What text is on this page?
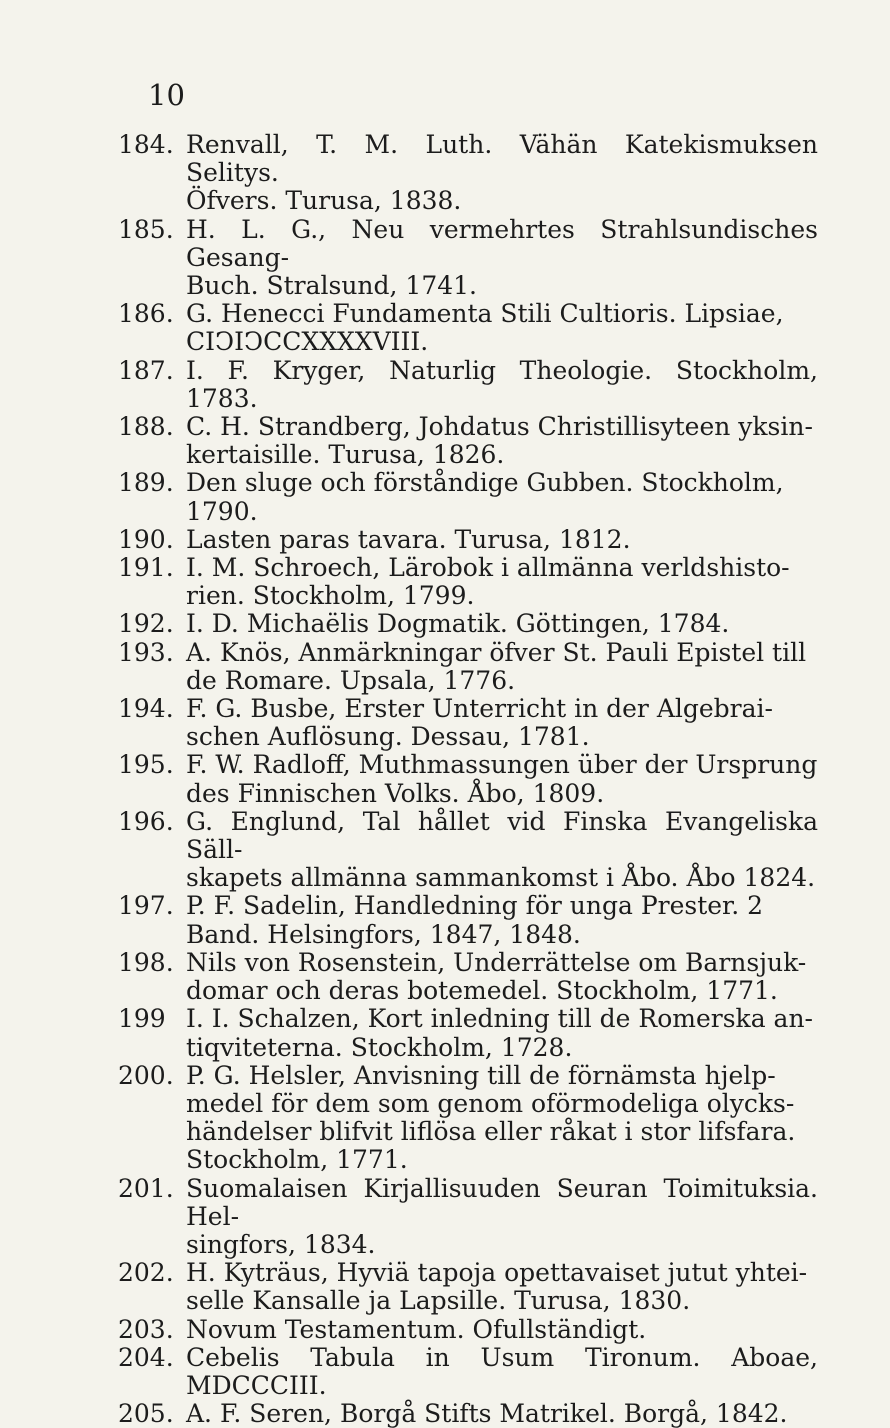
10
184. Renvall, T. M. Luth. Vähän Katekismuksen Selitys.
Öfvers. Turusa, 1838.
185. H. L. G., Neu vermehrtes Strahlsundisches Gesang-
Buch. Stralsund, 1741.
186. G. Henecci Fundamenta Stili Cultioris. Lipsiae,
CIↃIↃCCXXXXVIII.
187. I. F. Kryger, Naturlig Theologie. Stockholm, 1783.
188. C. H. Strandberg, Johdatus Christillisyteen yksin-
kertaisille. Turusa, 1826.
189. Den sluge och förståndige Gubben. Stockholm,
1790.
190. Lasten paras tavara. Turusa, 1812.
191. I. M. Schroech, Lärobok i allmänna verldshisto-
rien. Stockholm, 1799.
192. I. D. Michaëlis Dogmatik. Göttingen, 1784.
193. A. Knös, Anmärkningar öfver St. Pauli Epistel till
de Romare. Upsala, 1776.
194. F. G. Busbe, Erster Unterricht in der Algebrai-
schen Auflösung. Dessau, 1781.
195. F. W. Radloff, Muthmassungen über der Ursprung
des Finnischen Volks. Åbo, 1809.
196. G. Englund, Tal hållet vid Finska Evangeliska Säll-
skapets allmänna sammankomst i Åbo. Åbo 1824.
197. P. F. Sadelin, Handledning för unga Prester. 2
Band. Helsingfors, 1847, 1848.
198. Nils von Rosenstein, Underrättelse om Barnsjuk-
domar och deras botemedel. Stockholm, 1771.
199 I. I. Schalzen, Kort inledning till de Romerska an-
tiqviteterna. Stockholm, 1728.
200. P. G. Helsler, Anvisning till de förnämsta hjelp-
medel för dem som genom oförmodeliga olycks-
händelser blifvit liflösa eller råkat i stor lifsfara.
Stockholm, 1771.
201. Suomalaisen Kirjallisuuden Seuran Toimituksia. Hel-
singfors, 1834.
202. H. Kyträus, Hyviä tapoja opettavaiset jutut yhtei-
selle Kansalle ja Lapsille. Turusa, 1830.
203. Novum Testamentum. Ofullständigt.
204. Cebelis Tabula in Usum Tironum. Aboae, MDCCCIII.
205. A. F. Seren, Borgå Stifts Matrikel. Borgå, 1842.
